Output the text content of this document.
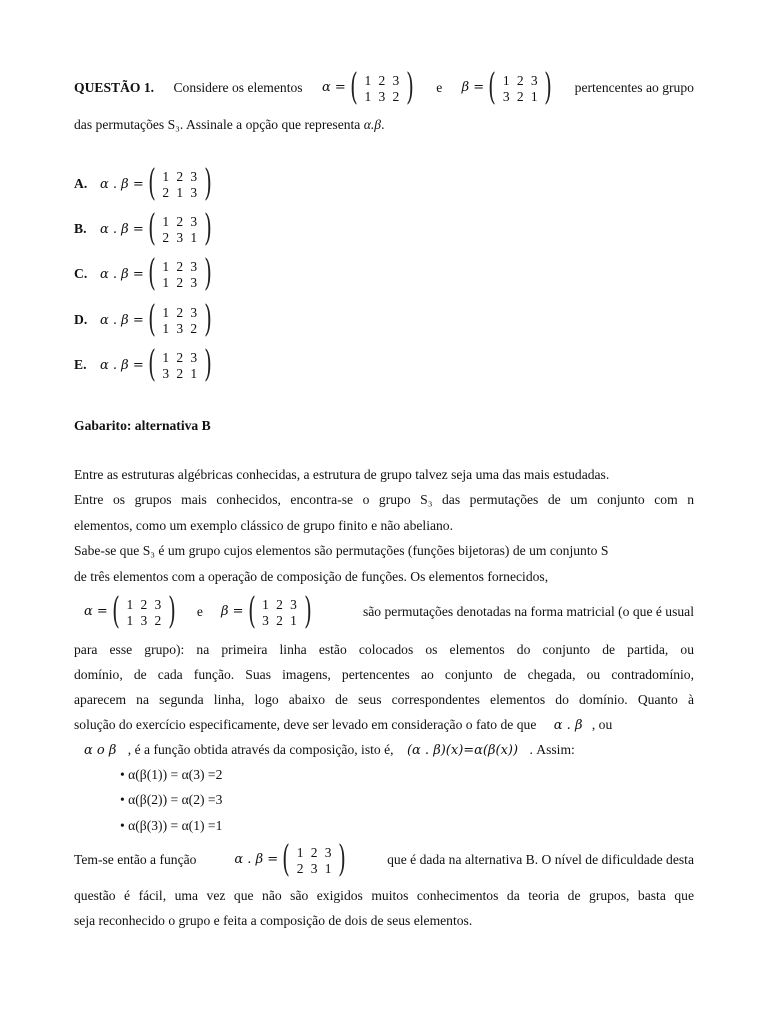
QUESTÃO 1. Considere os elementos α = ( 1 2 3
1 3 2 ) e β = ( 1 2 3
3 2 1 ) pertencentes ao grupo
das permutações S₃. Assinale a opção que representa α.β.
A. α . β = ( 1 2 3
2 1 3 )
B.	α . β = ( 1 2 3
2 3 1 )
C. α . β = ( 1 2 3
1 2 3 )
D. α . β = ( 1 2 3
1 3 2 )
E.	α . β = ( 1 2 3
3 2 1 )
Gabarito: alternativa B
Entre as estruturas algébricas conhecidas, a estrutura de grupo talvez seja uma das mais estudadas.
Entre os grupos mais conhecidos, encontra-se o grupo S₃ das permutações de um conjunto com n
elementos, como um exemplo clássico de grupo finito e não abeliano.
Sabe-se que S₃ é um grupo cujos elementos são permutações (funções bijetoras) de um conjunto S
de três elementos com a operação de composição de funções. Os elementos fornecidos,
α = ( 1 2 3
1 3 2 ) e β = ( 1 2 3
3 2 1 )	são permutações denotadas na forma matricial (o que é usual
para esse grupo): na primeira linha estão colocados os elementos do conjunto de partida, ou
domínio, de cada função. Suas imagens, pertencentes ao conjunto de chegada, ou contradomínio,
aparecem na segunda linha, logo abaixo de seus correspondentes elementos do domínio. Quanto à
solução do exercício especificamente, deve ser levado em consideração o fato de que α . β , ou
α o β , é a função obtida através da composição, isto é, (α . β)(x)=α(β(x)) . Assim:
• α(β(1)) = α(3) =2
• α(β(2)) = α(2) =3
• α(β(3)) = α(1) =1
Tem-se então a função	α . β = ( 1 2 3
2 3 1 )	que é dada na alternativa B. O nível de dificuldade desta
questão é fácil, uma vez que não são exigidos muitos conhecimentos da teoria de grupos, basta que
seja reconhecido o grupo e feita a composição de dois de seus elementos.
